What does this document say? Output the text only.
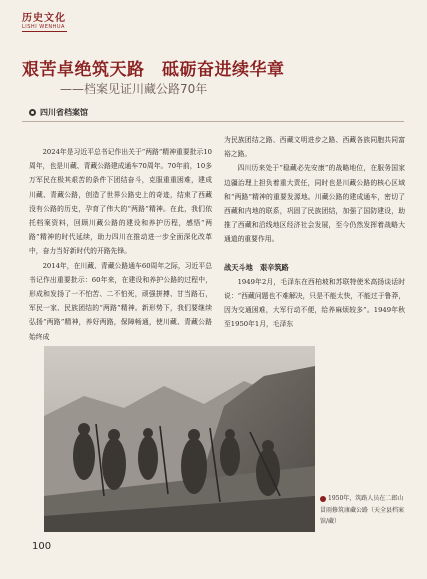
历史文化
LISHI WENHUA
艰苦卓绝筑天路　砥砺奋进续华章
——档案见证川藏公路70年
四川省档案馆

2024年是习近平总书记作出关于“两路”精神重要批示10周年，也是川藏、青藏公路建成通车70周年。70年前，10多万军民在极其艰苦的条件下团结奋斗，克服重重困难，建成川藏、青藏公路，创造了世界公路史上的奇迹，结束了西藏没有公路的历史，孕育了伟大的“两路”精神。在此，我们依托档案资料，回顾川藏公路的建设和养护历程，感悟“两路”精神的时代延续，助力四川在推动进一步全面深化改革中，奋力当好新时代的开路先锋。

2014年，在川藏、青藏公路通车60周年之际，习近平总书记作出重要批示：60年来，在建设和养护公路的过程中，形成和发扬了一不怕苦、二不怕死，顽强拼搏、甘当路石，军民一家、民族团结的“两路”精神。新形势下，我们要继续弘扬“两路”精神，养好两路，保障畅通，使川藏、青藏公路始终成

为民族团结之路、西藏文明进步之路、西藏各族同胞共同富裕之路。

四川历来处于“稳藏必先安康”的战略地位，在服务国家边疆治理上担负着重大责任，同时也是川藏公路的核心区域和“两路”精神的重要发源地。川藏公路的建成通车，密切了西藏和内地的联系，巩固了民族团结，加强了国防建设，助推了西藏和沿线地区经济社会发展，至今仍然发挥着战略大通道的重要作用。

战天斗地　艰辛筑路

1949年2月，毛泽东在西柏坡和苏联特使米高扬谈话时说：“西藏问题也不难解决，只是不能太快，不能过于鲁莽，因为交通困难，大军行动不便，给养麻烦较多”。1949年秋至1950年1月，毛泽东

1950年，筑路人员在二郎山冒雨修筑康藏公路（天全县档案馆/藏）
100
